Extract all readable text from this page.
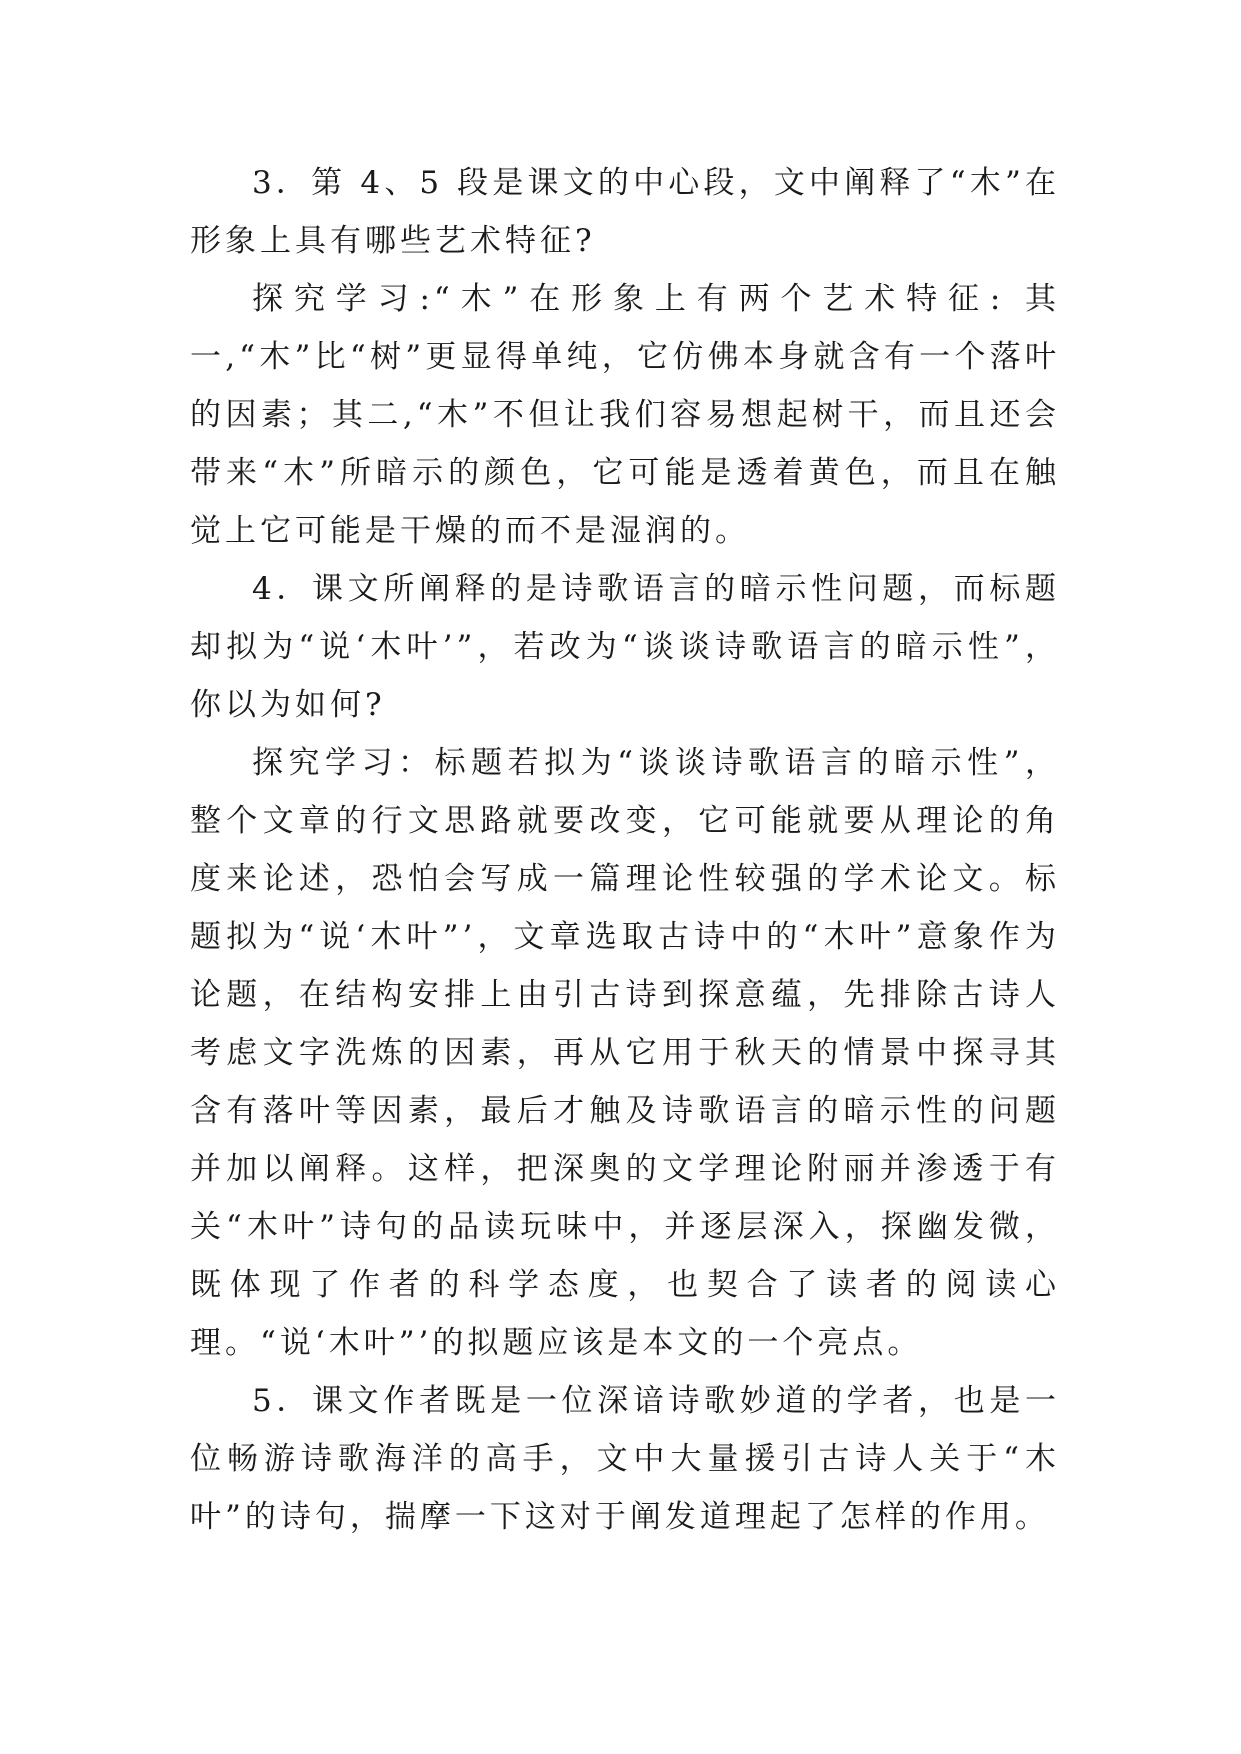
3．第 4、5 段是课文的中心段，文中阐释了“木”在形象上具有哪些艺术特征?

探究学习:“木”在形象上有两个艺术特征: 其一,“木”比“树”更显得单纯，它仿佛本身就含有一个落叶的因素；其二,“木”不但让我们容易想起树干，而且还会带来“木”所暗示的颜色，它可能是透着黄色，而且在触觉上它可能是干燥的而不是湿润的。

4．课文所阐释的是诗歌语言的暗示性问题，而标题却拟为“说‘木叶’”，若改为“谈谈诗歌语言的暗示性”，你以为如何?

探究学习：标题若拟为“谈谈诗歌语言的暗示性”，整个文章的行文思路就要改变，它可能就要从理论的角度来论述，恐怕会写成一篇理论性较强的学术论文。标题拟为“说‘木叶”’，文章选取古诗中的“木叶”意象作为论题，在结构安排上由引古诗到探意蕴，先排除古诗人考虑文字洗炼的因素，再从它用于秋天的情景中探寻其含有落叶等因素，最后才触及诗歌语言的暗示性的问题并加以阐释。这样，把深奥的文学理论附丽并渗透于有关“木叶”诗句的品读玩味中，并逐层深入，探幽发微，既体现了作者的科学态度，也契合了读者的阅读心理。“说‘木叶”’的拟题应该是本文的一个亮点。

5．课文作者既是一位深谙诗歌妙道的学者，也是一位畅游诗歌海洋的高手，文中大量援引古诗人关于“木叶”的诗句，揣摩一下这对于阐发道理起了怎样的作用。
